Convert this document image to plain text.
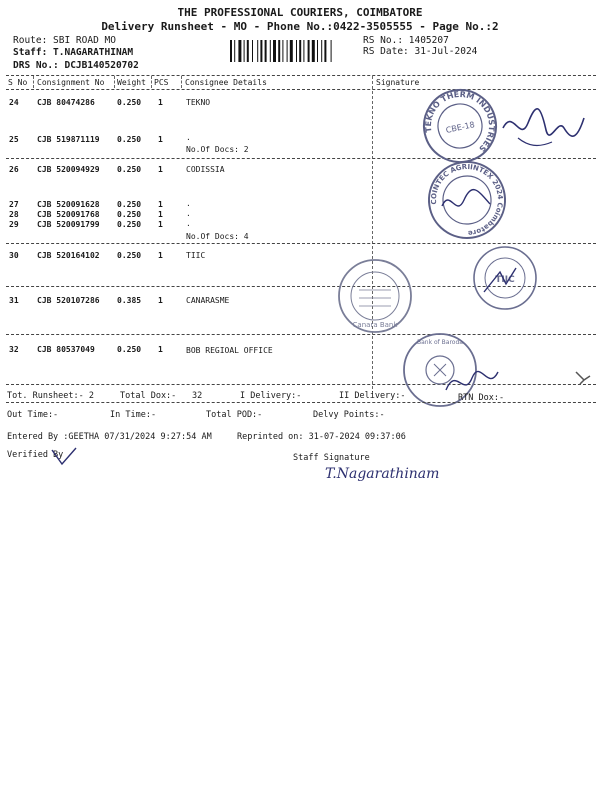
THE PROFESSIONAL COURIERS, COIMBATORE
Delivery Runsheet - MO - Phone No.:0422-3505555 - Page No.:2
Route: SBI ROAD MO
Staff: T.NAGARATHINAM
DRS No.: DCJB140520702
RS No.: 1405207
RS Date: 31-Jul-2024
S No Consignment No Weight PCS Consignee Details	Signature
24 CJB 80474286	0.250 1	TEKNO
25 CJB 519871119 0.250 1	.
No.Of Docs: 2
26 CJB 520094929 0.250 1	CODISSIA
27 CJB 520091628 0.250 1	.
28 CJB 520091768 0.250 1	.
29 CJB 520091799 0.250 1	.
No.Of Docs: 4
30 CJB 520164102 0.250 1	TIIC
31 CJB 520107286 0.385 1	CANARASME
32 CJB 80537049	0.250 1	BOB REGIOAL OFFICE
TEKNO THERM INDUSTRIES
CBE-18
COINTEC AGRIINTEX 2024 Coimbatore
TIIC
Canara Bank
Bank of Baroda
Tot. Runsheet:- 2	Total Dox:- 32	I Delivery:-	II Delivery:-	RTN Dox:-
Out Time:-	In Time:-	Total POD:-	Delvy Points:-
Entered By :GEETHA 07/31/2024 9:27:54 AM	Reprinted on: 31-07-2024 09:37:06
Verified By	Staff Signature
T.Nagarathinam
